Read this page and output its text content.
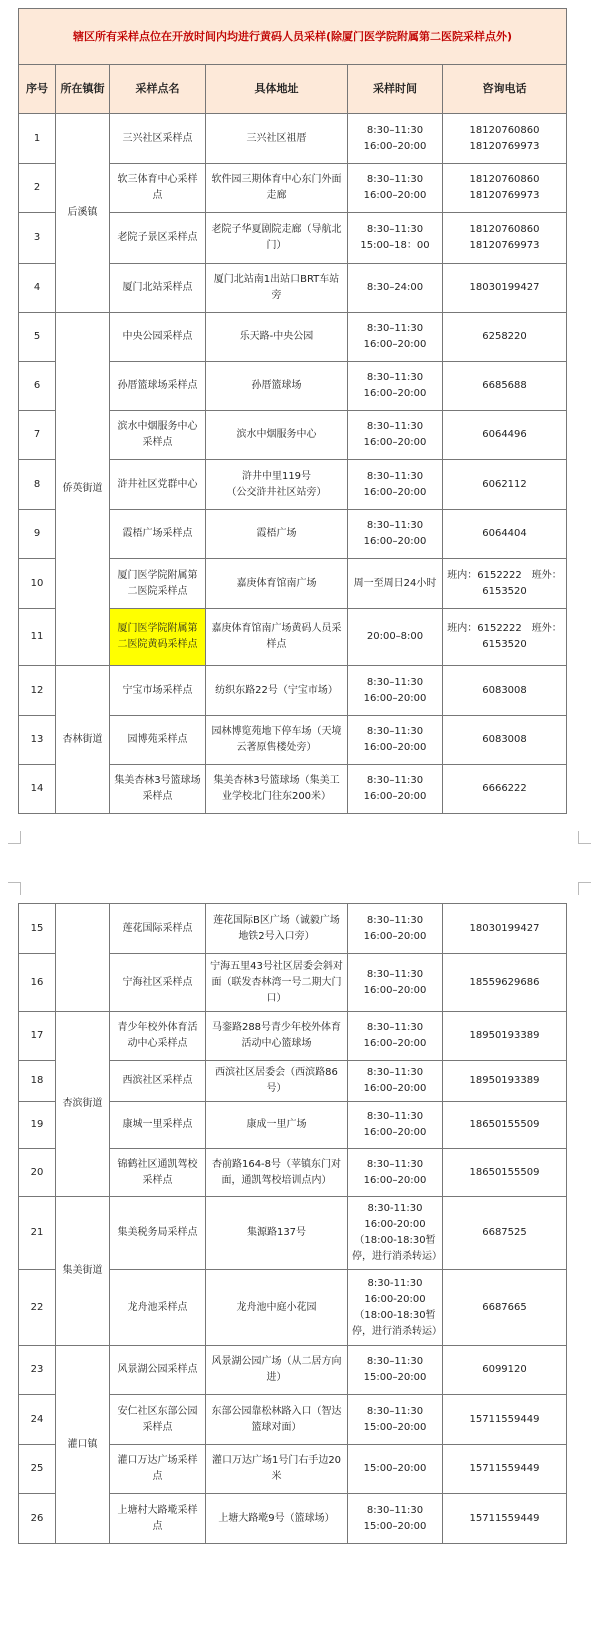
辖区所有采样点位在开放时间内均进行黄码人员采样(除厦门医学院附属第二医院采样点外)					
序号	所在镇街	采样点名	具体地址	采样时间	咨询电话
1	后溪镇	三兴社区采样点	三兴社区祖厝	8:30–11:30
16:00–20:00	18120760860
18120769973
2		软三体育中心采样点	软件园三期体育中心东门外面走廊	8:30–11:30
16:00–20:00	18120760860
18120769973
3		老院子景区采样点	老院子华夏剧院走廊（导航北门）	8:30–11:30
15:00–18：00	18120760860
18120769973
4		厦门北站采样点	厦门北站南1出站口BRT车站旁	8:30–24:00	18030199427
5	侨英街道	中央公园采样点	乐天路-中央公园	8:30–11:30
16:00–20:00	6258220
6		孙厝篮球场采样点	孙厝篮球场	8:30–11:30
16:00–20:00	6685688
7		滨水中烟服务中心采样点	滨水中烟服务中心	8:30–11:30
16:00–20:00	6064496
8		浒井社区党群中心	浒井中里119号
（公交浒井社区站旁）	8:30–11:30
16:00–20:00	6062112
9		霞梧广场采样点	霞梧广场	8:30–11:30
16:00–20:00	6064404
10		厦门医学院附属第二医院采样点	嘉庚体育馆南广场	周一至周日24小时	班内：6152222　班外：6153520
11		厦门医学院附属第二医院黄码采样点	嘉庚体育馆南广场黄码人员采样点	20:00–8:00	班内：6152222　班外：6153520
12	杏林街道	宁宝市场采样点	纺织东路22号（宁宝市场）	8:30–11:30
16:00–20:00	6083008
13		园博苑采样点	园林博览苑地下停车场（天境云著原售楼处旁）	8:30–11:30
16:00–20:00	6083008
14		集美杏林3号篮球场采样点	集美杏林3号篮球场（集美工业学校北门往东200米）	8:30–11:30
16:00–20:00	6666222
15		莲花国际采样点	莲花国际B区广场（诚毅广场地铁2号入口旁）	8:30–11:30
16:00–20:00	18030199427
16		宁海社区采样点	宁海五里43号社区居委会斜对面（联发杏林湾一号二期大门口）	8:30–11:30
16:00–20:00	18559629686
17	杏滨街道	青少年校外体育活动中心采样点	马銮路288号青少年校外体育活动中心篮球场	8:30–11:30
16:00–20:00	18950193389
18		西滨社区采样点	西滨社区居委会（西滨路86号）	8:30–11:30
16:00–20:00	18950193389
19		康城一里采样点	康成一里广场	8:30–11:30
16:00–20:00	18650155509
20		锦鹤社区通凯驾校采样点	杏前路164-8号（苹镇东门对面，通凯驾校培训点内）	8:30–11:30
16:00–20:00	18650155509
21	集美街道	集美税务局采样点	集源路137号	8:30-11:30
16:00-20:00（18:00-18:30暂停，进行消杀转运）	6687525
22		龙舟池采样点	龙舟池中庭小花园	8:30-11:30
16:00-20:00（18:00-18:30暂停，进行消杀转运）	6687665
23	灌口镇	风景湖公园采样点	风景湖公园广场（从二居方向进）	8:30–11:30
15:00–20:00	6099120
24		安仁社区东部公园采样点	东部公园靠松林路入口（智达篮球对面）	8:30–11:30
15:00–20:00	15711559449
25		灌口万达广场采样点	灌口万达广场1号门右手边20米	15:00–20:00	15711559449
26		上塘村大路墘采样点	上塘大路墘9号（篮球场）	8:30–11:30
15:00–20:00	15711559449
